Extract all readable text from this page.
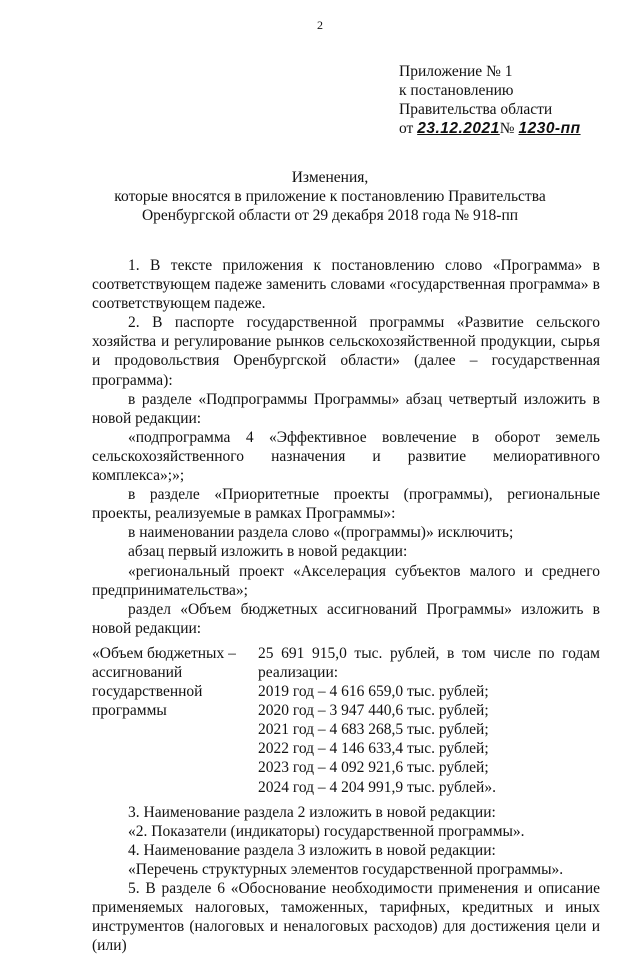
2
Приложение № 1
к постановлению
Правительства области
от 23.12.2021№ 1230-пп
Изменения,
которые вносятся в приложение к постановлению Правительства
Оренбургской области от 29 декабря 2018 года № 918-пп

1. В тексте приложения к постановлению слово «Программа» в соответствующем падеже заменить словами «государственная программа» в соответствующем падеже.

2. В паспорте государственной программы «Развитие сельского хозяйства и регулирование рынков сельскохозяйственной продукции, сырья и продовольствия Оренбургской области» (далее – государственная программа):

в разделе «Подпрограммы Программы» абзац четвертый изложить в новой редакции:

«подпрограмма 4 «Эффективное вовлечение в оборот земель сельскохозяйственного назначения и развитие мелиоративного комплекса»;»;

в разделе «Приоритетные проекты (программы), региональные проекты, реализуемые в рамках Программы»:

в наименовании раздела слово «(программы)» исключить;

абзац первый изложить в новой редакции:

«региональный проект «Акселерация субъектов малого и среднего предпринимательства»;

раздел «Объем бюджетных ассигнований Программы» изложить в новой редакции:

«Объем бюджетных – ассигнований государственной программы
25 691 915,0 тыс. рублей, в том числе по годам реализации:
2019 год – 4 616 659,0 тыс. рублей;
2020 год – 3 947 440,6 тыс. рублей;
2021 год – 4 683 268,5 тыс. рублей;
2022 год – 4 146 633,4 тыс. рублей;
2023 год – 4 092 921,6 тыс. рублей;
2024 год – 4 204 991,9 тыс. рублей».

3. Наименование раздела 2 изложить в новой редакции:

«2. Показатели (индикаторы) государственной программы».

4. Наименование раздела 3 изложить в новой редакции:

«Перечень структурных элементов государственной программы».

5. В разделе 6 «Обоснование необходимости применения и описание применяемых налоговых, таможенных, тарифных, кредитных и иных инструментов (налоговых и неналоговых расходов) для достижения цели и (или)
